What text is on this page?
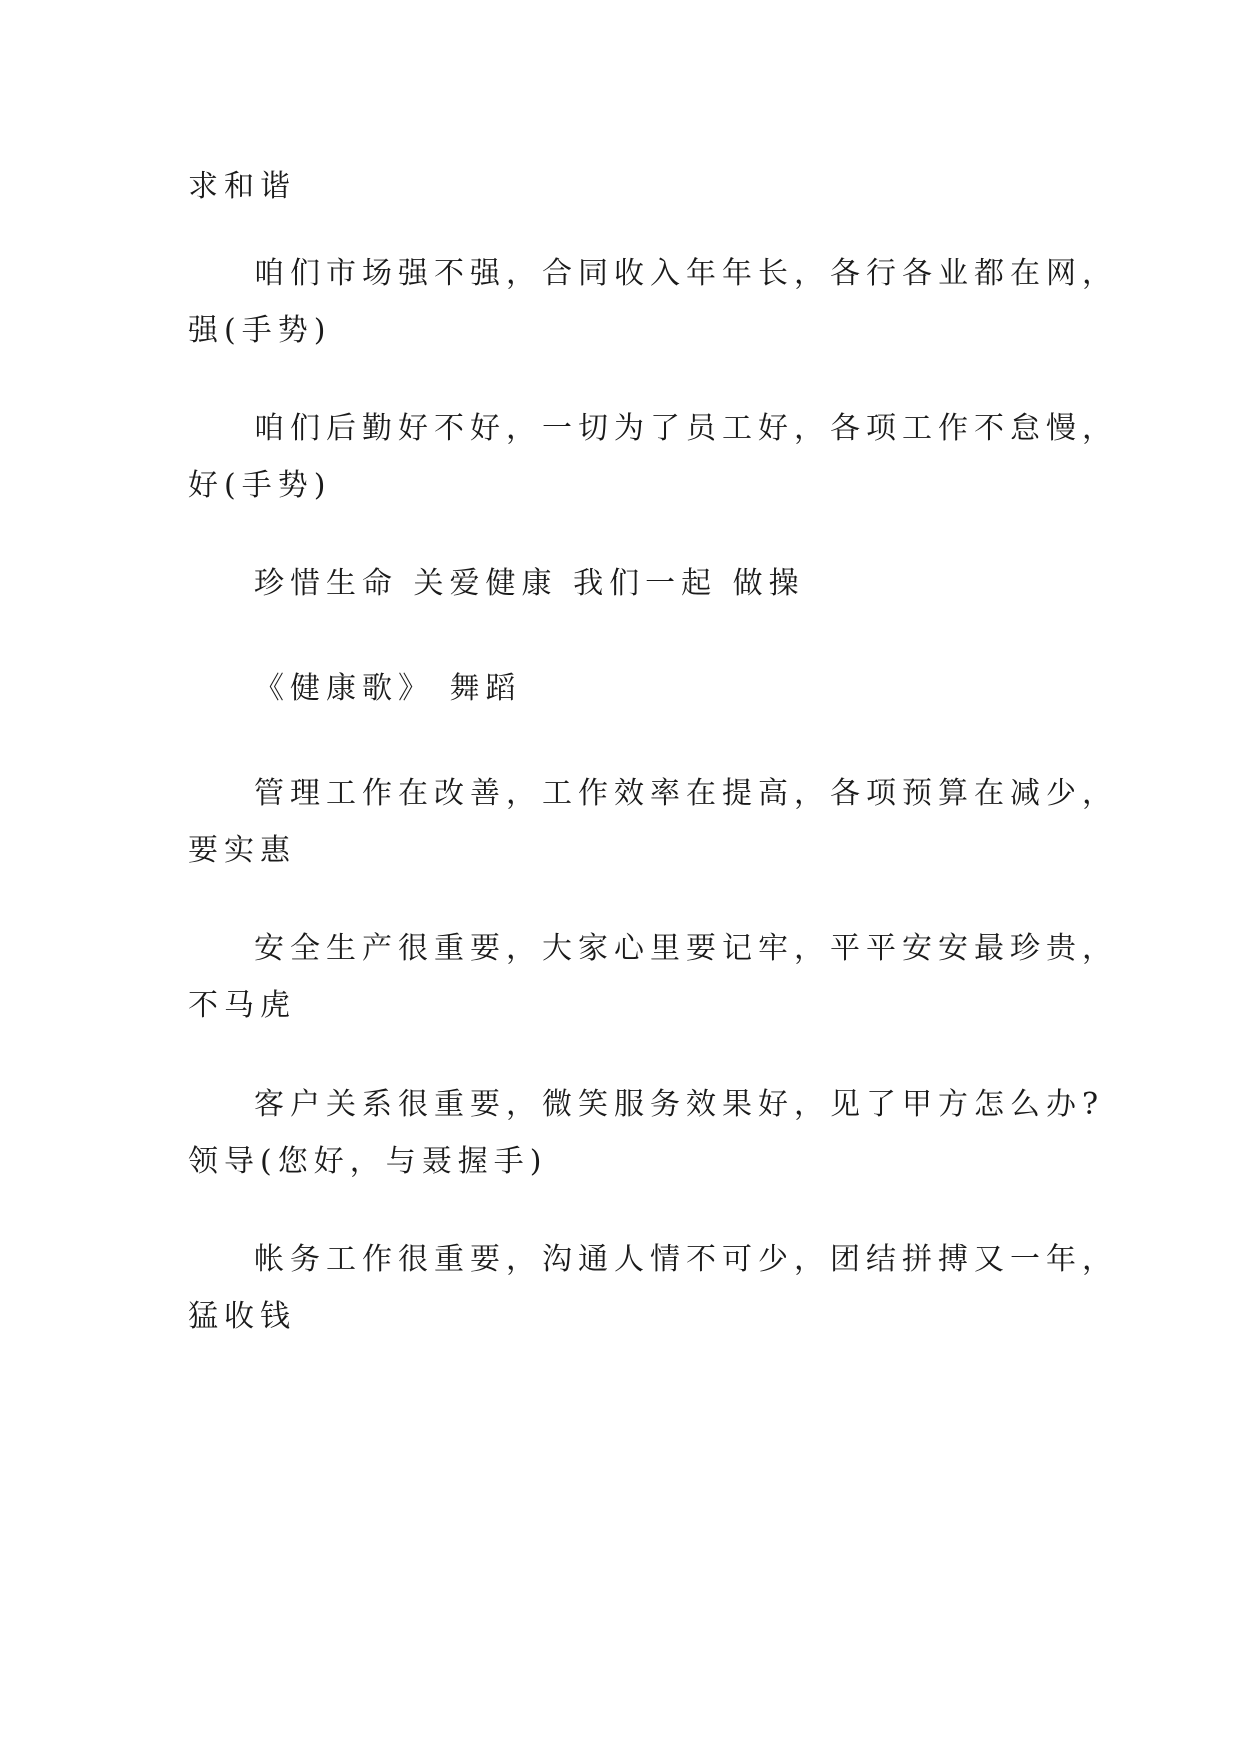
求和谐
咱们市场强不强，合同收入年年长，各行各业都在网，
强(手势)
咱们后勤好不好，一切为了员工好，各项工作不怠慢，
好(手势)
珍惜生命 关爱健康 我们一起 做操
《健康歌》 舞蹈
管理工作在改善，工作效率在提高，各项预算在减少，
要实惠
安全生产很重要，大家心里要记牢，平平安安最珍贵，
不马虎
客户关系很重要，微笑服务效果好，见了甲方怎么办?
领导(您好，与聂握手)
帐务工作很重要，沟通人情不可少，团结拼搏又一年，
猛收钱
